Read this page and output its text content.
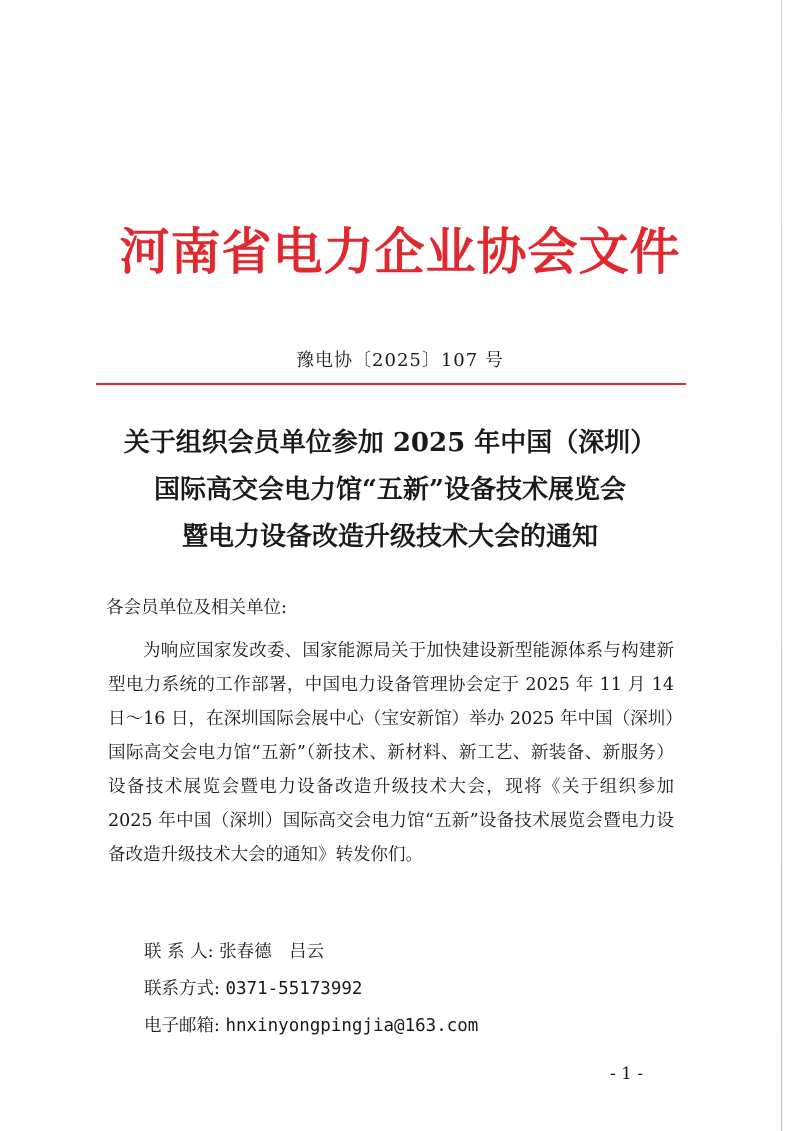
河南省电力企业协会文件
豫电协〔2025〕107 号
关于组织会员单位参加 2025 年中国（深圳）
国际高交会电力馆“五新”设备技术展览会
暨电力设备改造升级技术大会的通知
各会员单位及相关单位:
为响应国家发改委、国家能源局关于加快建设新型能源体系与构建新型电力系统的工作部署，中国电力设备管理协会定于 2025 年 11 月 14 日～16 日，在深圳国际会展中心（宝安新馆）举办 2025 年中国（深圳）国际高交会电力馆“五新”（新技术、新材料、新工艺、新装备、新服务）设备技术展览会暨电力设备改造升级技术大会，现将《关于组织参加 2025 年中国（深圳）国际高交会电力馆“五新”设备技术展览会暨电力设备改造升级技术大会的通知》转发你们。
联 系 人: 张春德　吕云
联系方式: 0371-55173992
电子邮箱: hnxinyongpingjia@163.com
- 1 -
